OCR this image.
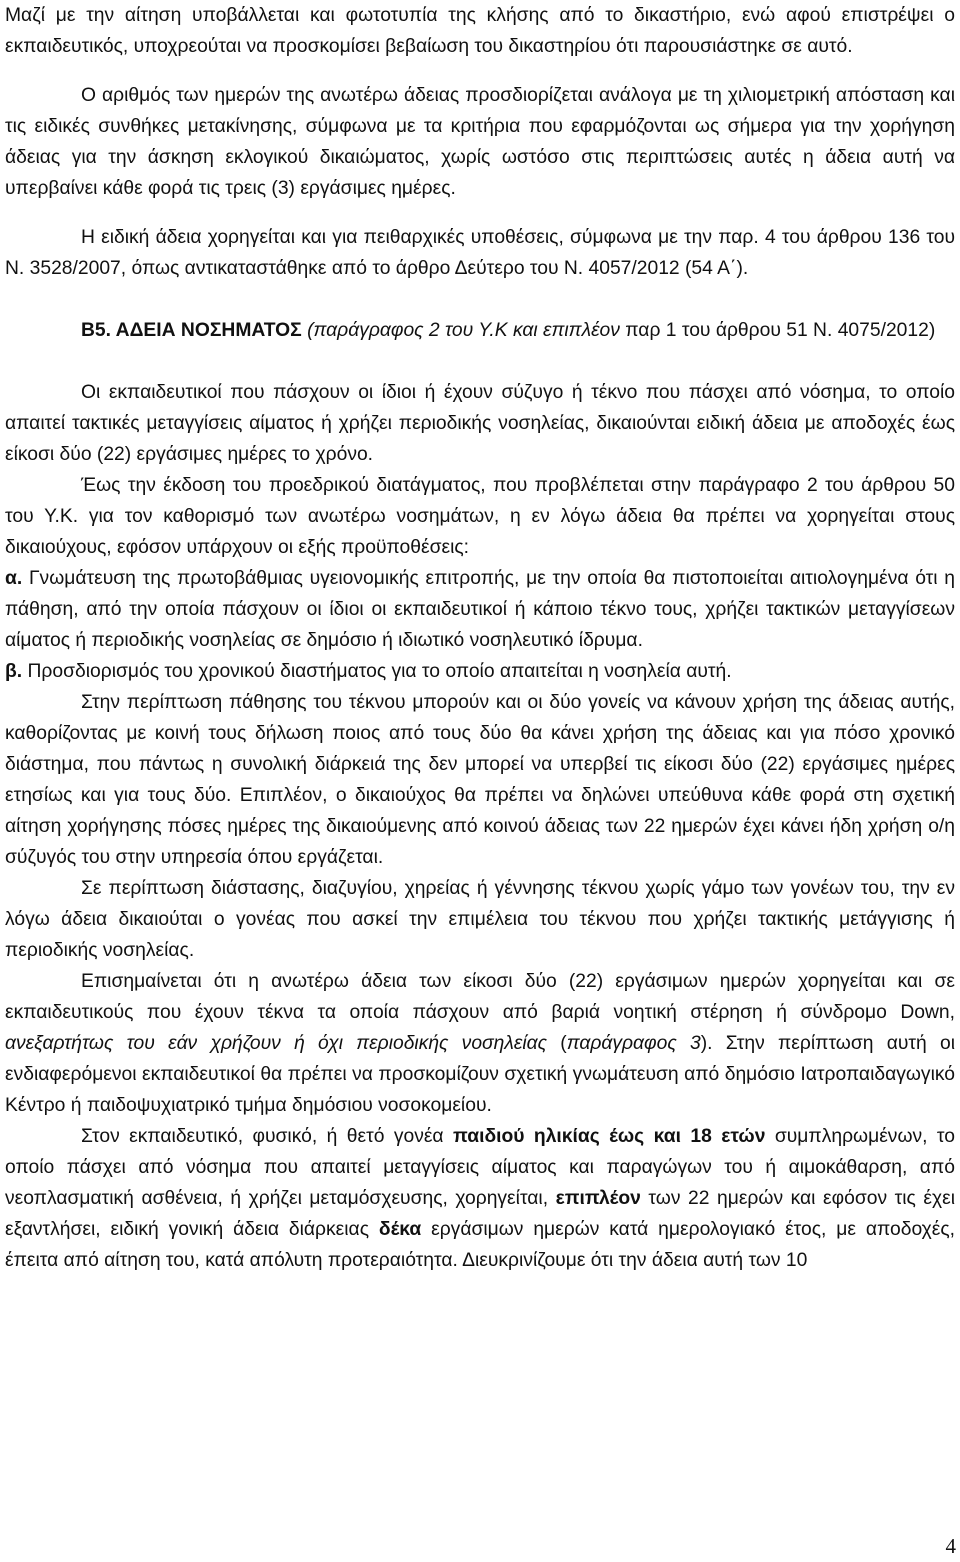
Μαζί με την αίτηση υποβάλλεται και φωτοτυπία της κλήσης από το δικαστήριο, ενώ αφού επιστρέψει ο εκπαιδευτικός, υποχρεούται να προσκομίσει βεβαίωση του δικαστηρίου ότι παρουσιάστηκε σε αυτό.

Ο αριθμός των ημερών της ανωτέρω άδειας προσδιορίζεται ανάλογα με τη χιλιομετρική απόσταση και τις ειδικές συνθήκες μετακίνησης, σύμφωνα με τα κριτήρια που εφαρμόζονται ως σήμερα για την χορήγηση άδειας για την άσκηση εκλογικού δικαιώματος, χωρίς ωστόσο στις περιπτώσεις αυτές η άδεια αυτή να υπερβαίνει κάθε φορά τις τρεις (3) εργάσιμες ημέρες.

Η ειδική άδεια χορηγείται και για πειθαρχικές υποθέσεις, σύμφωνα με την παρ. 4 του άρθρου 136 του Ν. 3528/2007, όπως αντικαταστάθηκε από το άρθρο Δεύτερο του Ν. 4057/2012 (54 Α΄).

Β5. ΑΔΕΙΑ ΝΟΣΗΜΑΤΟΣ (παράγραφος 2 του Υ.Κ και επιπλέον παρ 1 του άρθρου 51 Ν. 4075/2012)

Οι εκπαιδευτικοί που πάσχουν οι ίδιοι ή έχουν σύζυγο ή τέκνο που πάσχει από νόσημα, το οποίο απαιτεί τακτικές μεταγγίσεις αίματος ή χρήζει περιοδικής νοσηλείας, δικαιούνται ειδική άδεια με αποδοχές έως είκοσι δύο (22) εργάσιμες ημέρες το χρόνο.

Έως την έκδοση του προεδρικού διατάγματος, που προβλέπεται στην παράγραφο 2 του άρθρου 50 του Υ.Κ. για τον καθορισμό των ανωτέρω νοσημάτων, η εν λόγω άδεια θα πρέπει να χορηγείται στους δικαιούχους, εφόσον υπάρχουν οι εξής προϋποθέσεις:

α. Γνωμάτευση της πρωτοβάθμιας υγειονομικής επιτροπής, με την οποία θα πιστοποιείται αιτιολογημένα ότι η πάθηση, από την οποία πάσχουν οι ίδιοι οι εκπαιδευτικοί ή κάποιο τέκνο τους, χρήζει τακτικών μεταγγίσεων αίματος ή περιοδικής νοσηλείας σε δημόσιο ή ιδιωτικό νοσηλευτικό ίδρυμα.

β. Προσδιορισμός του χρονικού διαστήματος για το οποίο απαιτείται η νοσηλεία αυτή.

Στην περίπτωση πάθησης του τέκνου μπορούν και οι δύο γονείς να κάνουν χρήση της άδειας αυτής, καθορίζοντας με κοινή τους δήλωση ποιος από τους δύο θα κάνει χρήση της άδειας και για πόσο χρονικό διάστημα, που πάντως η συνολική διάρκειά της δεν μπορεί να υπερβεί τις είκοσι δύο (22) εργάσιμες ημέρες ετησίως και για τους δύο. Επιπλέον, ο δικαιούχος θα πρέπει να δηλώνει υπεύθυνα κάθε φορά στη σχετική αίτηση χορήγησης πόσες ημέρες της δικαιούμενης από κοινού άδειας των 22 ημερών έχει κάνει ήδη χρήση ο/η σύζυγός του στην υπηρεσία όπου εργάζεται.

Σε περίπτωση διάστασης, διαζυγίου, χηρείας ή γέννησης τέκνου χωρίς γάμο των γονέων του, την εν λόγω άδεια δικαιούται ο γονέας που ασκεί την επιμέλεια του τέκνου που χρήζει τακτικής μετάγγισης ή περιοδικής νοσηλείας.

Επισημαίνεται ότι η ανωτέρω άδεια των είκοσι δύο (22) εργάσιμων ημερών χορηγείται και σε εκπαιδευτικούς που έχουν τέκνα τα οποία πάσχουν από βαριά νοητική στέρηση ή σύνδρομο Down, ανεξαρτήτως του εάν χρήζουν ή όχι περιοδικής νοσηλείας (παράγραφος 3). Στην περίπτωση αυτή οι ενδιαφερόμενοι εκπαιδευτικοί θα πρέπει να προσκομίζουν σχετική γνωμάτευση από δημόσιο Ιατροπαιδαγωγικό Κέντρο ή παιδοψυχιατρικό τμήμα δημόσιου νοσοκομείου.

Στον εκπαιδευτικό, φυσικό, ή θετό γονέα παιδιού ηλικίας έως και 18 ετών συμπληρωμένων, το οποίο πάσχει από νόσημα που απαιτεί μεταγγίσεις αίματος και παραγώγων του ή αιμοκάθαρση, από νεοπλασματική ασθένεια, ή χρήζει μεταμόσχευσης, χορηγείται, επιπλέον των 22 ημερών και εφόσον τις έχει εξαντλήσει, ειδική γονική άδεια διάρκειας δέκα εργάσιμων ημερών κατά ημερολογιακό έτος, με αποδοχές, έπειτα από αίτηση του, κατά απόλυτη προτεραιότητα. Διευκρινίζουμε ότι την άδεια αυτή των 10

4
